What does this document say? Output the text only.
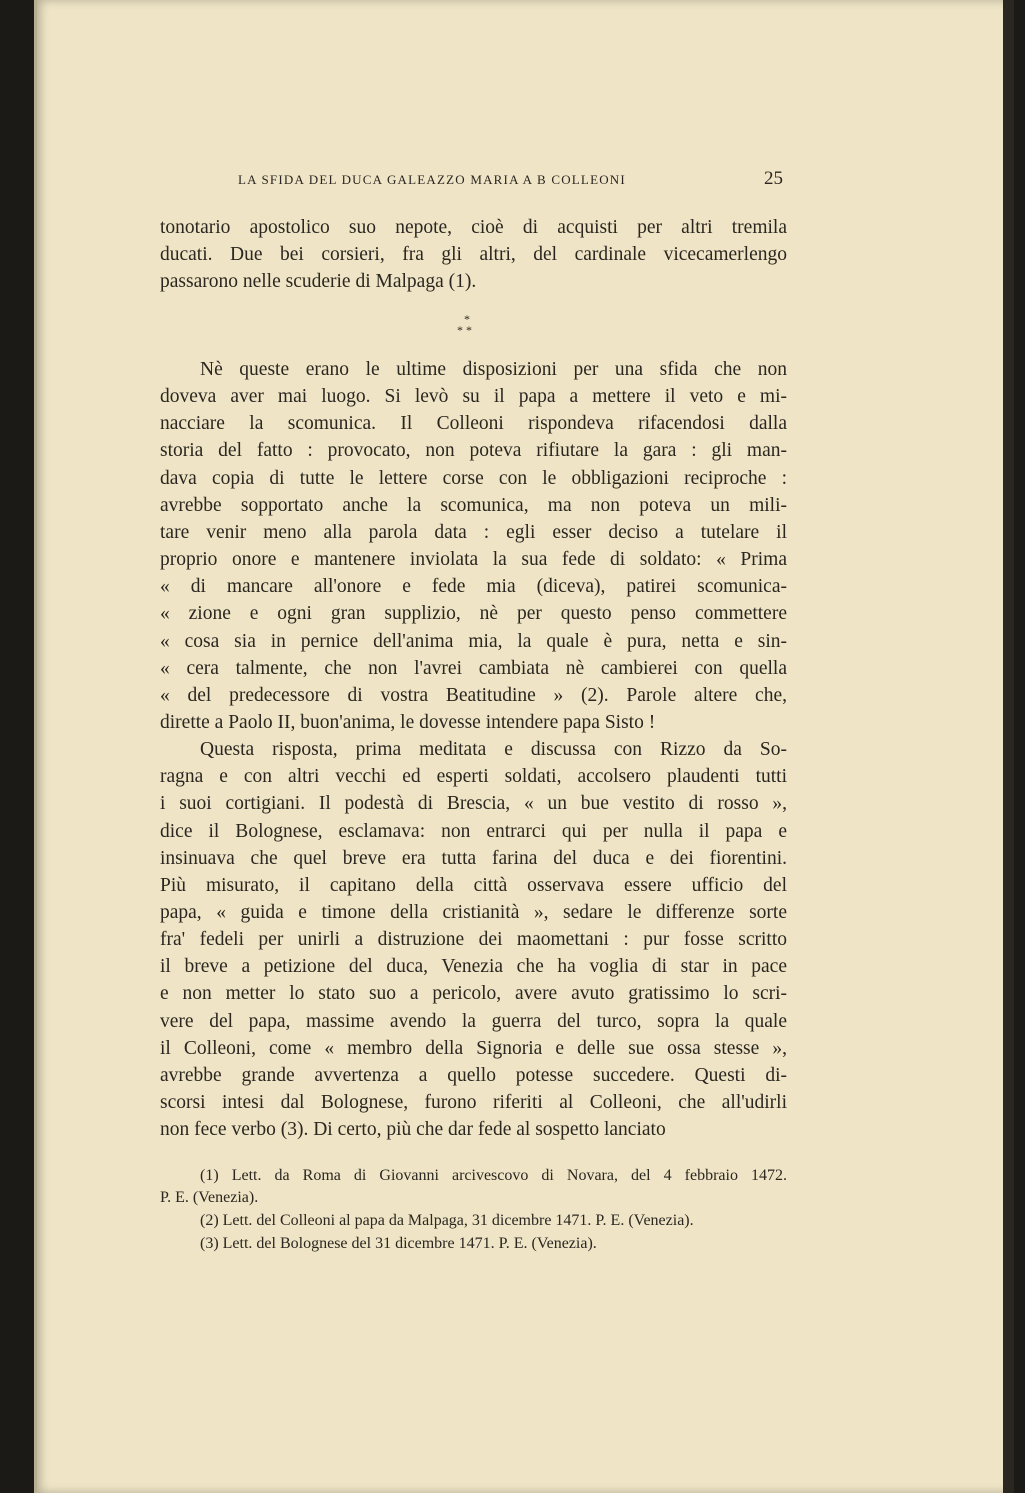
LA SFIDA DEL DUCA GALEAZZO MARIA A B COLLEONI	25
tonotario apostolico suo nepote, cioè di acquisti per altri tremila
ducati. Due bei corsieri, fra gli altri, del cardinale vicecamerlengo
passarono nelle scuderie di Malpaga (1).
*
* *
Nè queste erano le ultime disposizioni per una sfida che non
doveva aver mai luogo. Si levò su il papa a mettere il veto e mi-
nacciare la scomunica. Il Colleoni rispondeva rifacendosi dalla
storia del fatto : provocato, non poteva rifiutare la gara : gli man-
dava copia di tutte le lettere corse con le obbligazioni reciproche :
avrebbe sopportato anche la scomunica, ma non poteva un mili-
tare venir meno alla parola data : egli esser deciso a tutelare il
proprio onore e mantenere inviolata la sua fede di soldato: « Prima
« di mancare all'onore e fede mia (diceva), patirei scomunica-
« zione e ogni gran supplizio, nè per questo penso commettere
« cosa sia in pernice dell'anima mia, la quale è pura, netta e sin-
« cera talmente, che non l'avrei cambiata nè cambierei con quella
« del predecessore di vostra Beatitudine » (2). Parole altere che,
dirette a Paolo II, buon'anima, le dovesse intendere papa Sisto !
Questa risposta, prima meditata e discussa con Rizzo da So-
ragna e con altri vecchi ed esperti soldati, accolsero plaudenti tutti
i suoi cortigiani. Il podestà di Brescia, « un bue vestito di rosso »,
dice il Bolognese, esclamava: non entrarci qui per nulla il papa e
insinuava che quel breve era tutta farina del duca e dei fiorentini.
Più misurato, il capitano della città osservava essere ufficio del
papa, « guida e timone della cristianità », sedare le differenze sorte
fra' fedeli per unirli a distruzione dei maomettani : pur fosse scritto
il breve a petizione del duca, Venezia che ha voglia di star in pace
e non metter lo stato suo a pericolo, avere avuto gratissimo lo scri-
vere del papa, massime avendo la guerra del turco, sopra la quale
il Colleoni, come « membro della Signoria e delle sue ossa stesse »,
avrebbe grande avvertenza a quello potesse succedere. Questi di-
scorsi intesi dal Bolognese, furono riferiti al Colleoni, che all'udirli
non fece verbo (3). Di certo, più che dar fede al sospetto lanciato
(1) Lett. da Roma di Giovanni arcivescovo di Novara, del 4 febbraio 1472.
P. E. (Venezia).
(2) Lett. del Colleoni al papa da Malpaga, 31 dicembre 1471. P. E. (Venezia).
(3) Lett. del Bolognese del 31 dicembre 1471. P. E. (Venezia).
